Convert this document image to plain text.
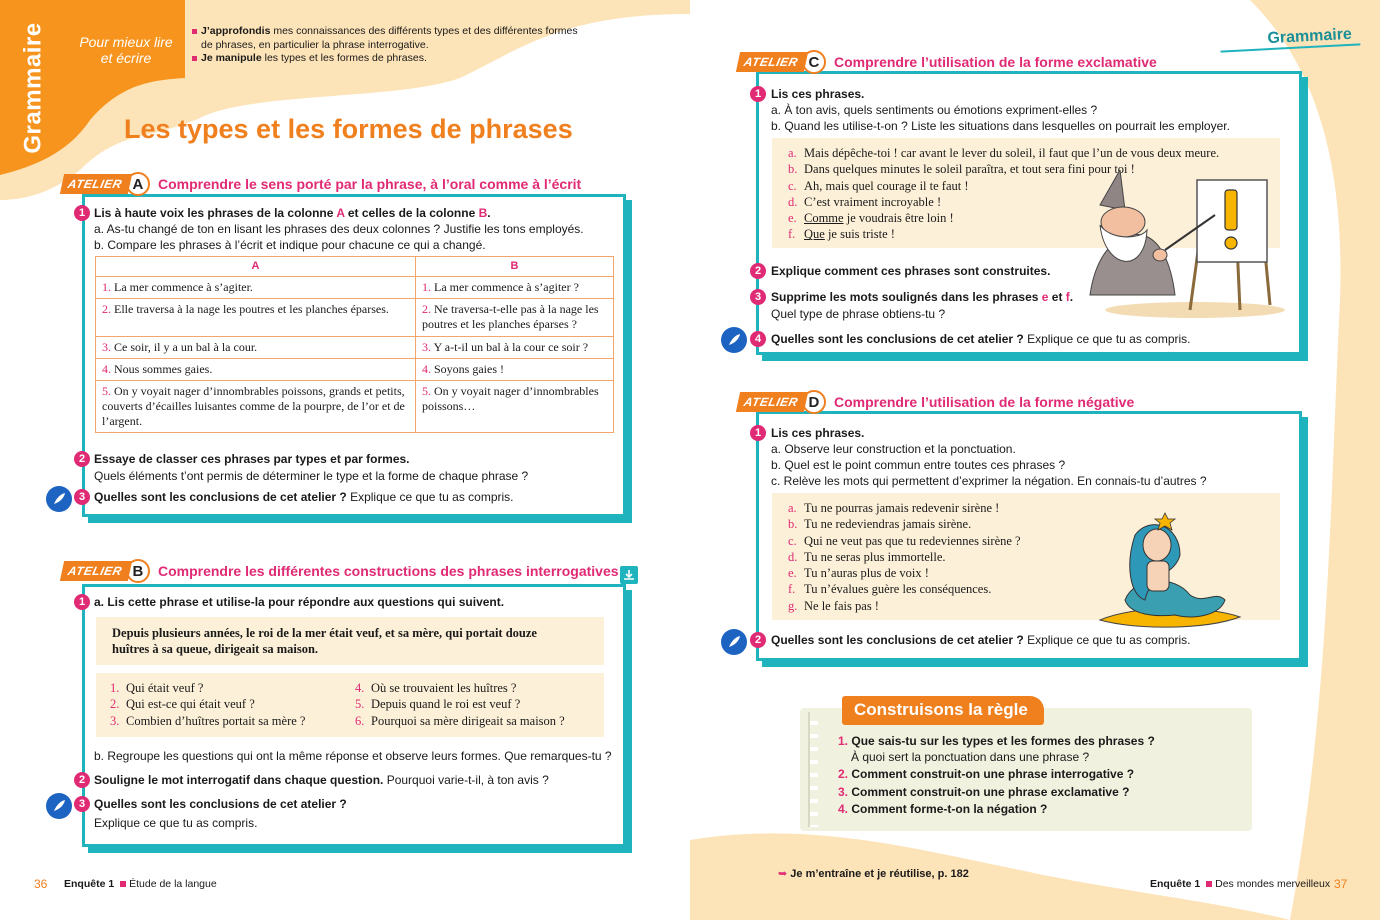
Grammaire Pour mieux lire et écrire
J’approfondis mes connaissances des différents types et des différentes formes
de phrases, en particulier la phrase interrogative.
Je manipule les types et les formes de phrases.
Les types et les formes de phrases
ATELIER A	Comprendre le sens porté par la phrase, à l’oral comme à l’écrit
1 Lis à haute voix les phrases de la colonne A et celles de la colonne B.
a. As-tu changé de ton en lisant les phrases des deux colonnes ? Justifie les tons employés.
b. Compare les phrases à l’écrit et indique pour chacune ce qui a changé.
A	B
1. La mer commence à s’agiter.	1. La mer commence à s’agiter ?
2. Elle traversa à la nage les poutres et les planches éparses.	2. Ne traversa-t-elle pas à la nage les poutres et les planches éparses ?
3. Ce soir, il y a un bal à la cour.	3. Y a-t-il un bal à la cour ce soir ?
4. Nous sommes gaies.	4. Soyons gaies !
5. On y voyait nager d’innombrables poissons, grands et petits, couverts d’écailles luisantes comme de la pourpre, de l’or et de l’argent.	5. On y voyait nager d’innombrables poissons…
2 Essaye de classer ces phrases par types et par formes.
Quels éléments t’ont permis de déterminer le type et la forme de chaque phrase ?
3 Quelles sont les conclusions de cet atelier ? Explique ce que tu as compris.
ATELIER B	Comprendre les différentes constructions des phrases interrogatives
1 a. Lis cette phrase et utilise-la pour répondre aux questions qui suivent.
Depuis plusieurs années, le roi de la mer était veuf, et sa mère, qui portait douze
huîtres à sa queue, dirigeait sa maison.
1. Qui était veuf ?
2. Qui est-ce qui était veuf ?
3. Combien d’huîtres portait sa mère ?
4. Où se trouvaient les huîtres ?
5. Depuis quand le roi est veuf ?
6. Pourquoi sa mère dirigeait sa maison ?
b. Regroupe les questions qui ont la même réponse et observe leurs formes. Que remarques-tu ?
2 Souligne le mot interrogatif dans chaque question. Pourquoi varie-t-il, à ton avis ?
3 Quelles sont les conclusions de cet atelier ?
Explique ce que tu as compris.
36 Enquête 1 Étude de la langue
Grammaire
ATELIER C	Comprendre l’utilisation de la forme exclamative
1 Lis ces phrases.
a. À ton avis, quels sentiments ou émotions expriment-elles ?
b. Quand les utilise-t-on ? Liste les situations dans lesquelles on pourrait les employer.
a. Mais dépêche-toi ! car avant le lever du soleil, il faut que l’un de vous deux meure.
b. Dans quelques minutes le soleil paraîtra, et tout sera fini pour toi !
c. Ah, mais quel courage il te faut !
d. C’est vraiment incroyable !
e. Comme je voudrais être loin !
f. Que je suis triste !
2 Explique comment ces phrases sont construites.
3 Supprime les mots soulignés dans les phrases e et f.
Quel type de phrase obtiens-tu ?
4 Quelles sont les conclusions de cet atelier ? Explique ce que tu as compris.
ATELIER D	Comprendre l’utilisation de la forme négative
1 Lis ces phrases.
a. Observe leur construction et la ponctuation.
b. Quel est le point commun entre toutes ces phrases ?
c. Relève les mots qui permettent d’exprimer la négation. En connais-tu d’autres ?
a. Tu ne pourras jamais redevenir sirène !
b. Tu ne redeviendras jamais sirène.
c. Qui ne veut pas que tu redeviennes sirène ?
d. Tu ne seras plus immortelle.
e. Tu n’auras plus de voix !
f. Tu n’évalues guère les conséquences.
g. Ne le fais pas !
2 Quelles sont les conclusions de cet atelier ? Explique ce que tu as compris.
Construisons la règle
1. Que sais-tu sur les types et les formes des phrases ?
À quoi sert la ponctuation dans une phrase ?
2. Comment construit-on une phrase interrogative ?
3. Comment construit-on une phrase exclamative ?
4. Comment forme-t-on la négation ?
➥ Je m’entraîne et je réutilise, p. 182
Enquête 1 Des mondes merveilleux 37
